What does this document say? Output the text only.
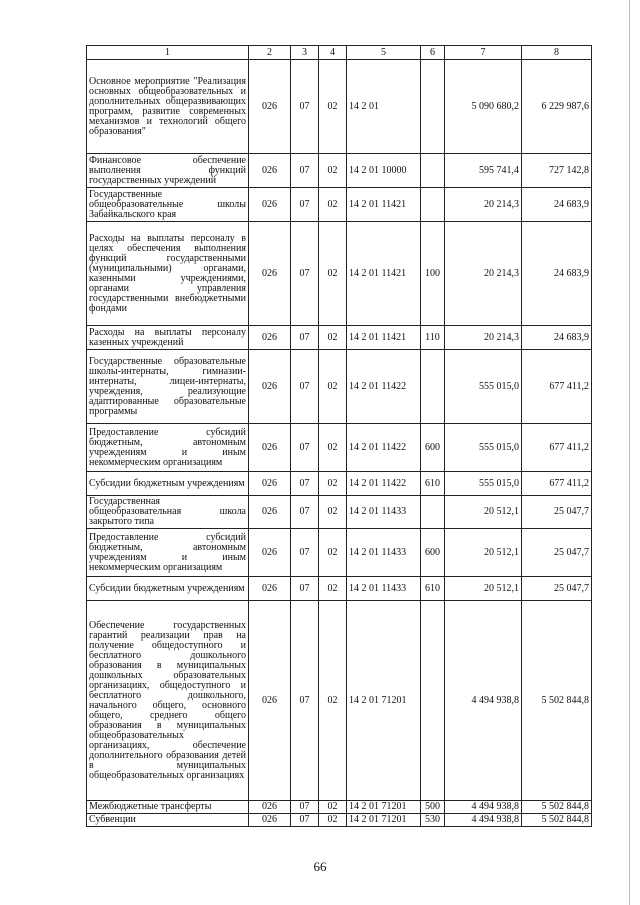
1	2	3	4	5	6	7	8
Основное мероприятие "Реализация основных общеобразовательных и дополнительных общеразвивающих программ, развитие современных механизмов и технологий общего образования"	026	07	02	14 2 01		5 090 680,2	6 229 987,6
Финансовое обеспечение выполнения функций государственных учреждений	026	07	02	14 2 01 10000		595 741,4	727 142,8
Государственные общеобразовательные школы Забайкальского края	026	07	02	14 2 01 11421		20 214,3	24 683,9
Расходы на выплаты персоналу в целях обеспечения выполнения функций государственными (муниципальными) органами, казенными учреждениями, органами управления государственными внебюджетными фондами	026	07	02	14 2 01 11421	100	20 214,3	24 683,9
Расходы на выплаты персоналу казенных учреждений	026	07	02	14 2 01 11421	110	20 214,3	24 683,9
Государственные образовательные школы-интернаты, гимназии-интернаты, лицеи-интернаты, учреждения, реализующие адаптированные образовательные программы	026	07	02	14 2 01 11422		555 015,0	677 411,2
Предоставление субсидий бюджетным, автономным учреждениям и иным некоммерческим организациям	026	07	02	14 2 01 11422	600	555 015,0	677 411,2
Субсидии бюджетным учреждениям	026	07	02	14 2 01 11422	610	555 015,0	677 411,2
Государственная общеобразовательная школа закрытого типа	026	07	02	14 2 01 11433		20 512,1	25 047,7
Предоставление субсидий бюджетным, автономным учреждениям и иным некоммерческим организациям	026	07	02	14 2 01 11433	600	20 512,1	25 047,7
Субсидии бюджетным учреждениям	026	07	02	14 2 01 11433	610	20 512,1	25 047,7
Обеспечение государственных гарантий реализации прав на получение общедоступного и бесплатного дошкольного образования в муниципальных дошкольных образовательных организациях, общедоступного и бесплатного дошкольного, начального общего, основного общего, среднего общего образования в муниципальных общеобразовательных организациях, обеспечение дополнительного образования детей в муниципальных общеобразовательных организациях	026	07	02	14 2 01 71201		4 494 938,8	5 502 844,8
Межбюджетные трансферты	026	07	02	14 2 01 71201	500	4 494 938,8	5 502 844,8
Субвенции	026	07	02	14 2 01 71201	530	4 494 938,8	5 502 844,8
66
